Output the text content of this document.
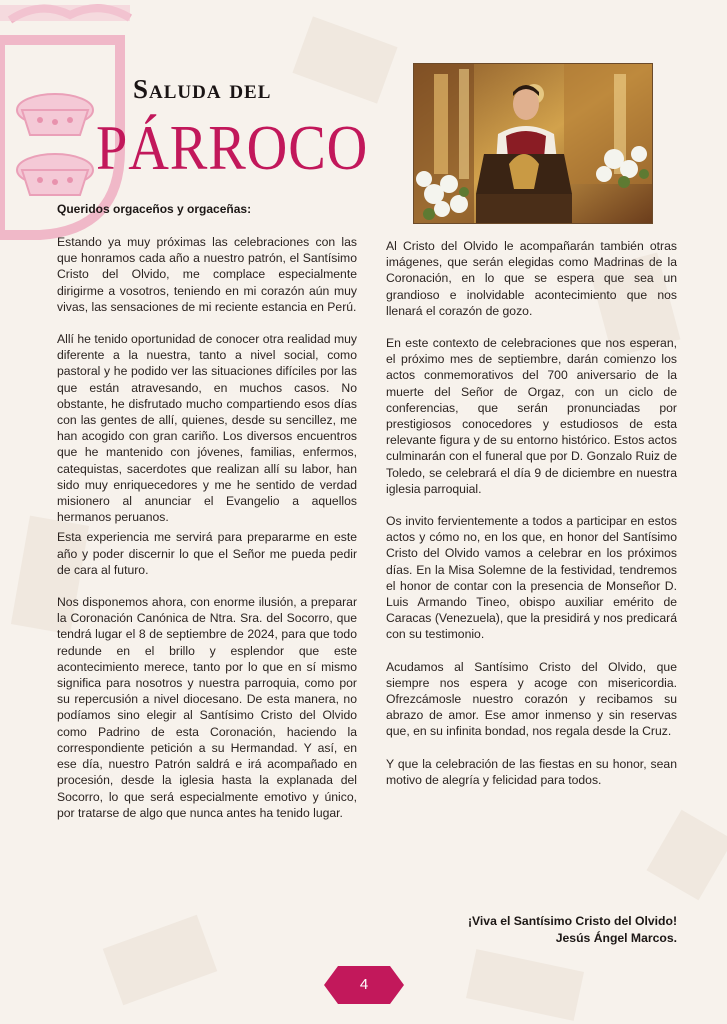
Saluda del
PÁRROCO
Queridos orgaceños y orgaceñas:

Estando ya muy próximas las celebraciones con las que honramos cada año a nuestro patrón, el Santísimo Cristo del Olvido, me complace especialmente dirigirme a vosotros, teniendo en mi corazón aún muy vivas, las sensaciones de mi reciente estancia en Perú.

Allí he tenido oportunidad de conocer otra realidad muy diferente a la nuestra, tanto a nivel social, como pastoral y he podido ver las situaciones difíciles por las que están atravesando, en muchos casos. No obstante, he disfrutado mucho compartiendo esos días con las gentes de allí, quienes, desde su sencillez, me han acogido con gran cariño. Los diversos encuentros que he mantenido con jóvenes, familias, enfermos, catequistas, sacerdotes que realizan allí su labor, han sido muy enriquecedores y me he sentido de verdad misionero al anunciar el Evangelio a aquellos hermanos peruanos.

Esta experiencia me servirá para prepararme en este año y poder discernir lo que el Señor me pueda pedir de cara al futuro.

Nos disponemos ahora, con enorme ilusión, a preparar la Coronación Canónica de Ntra. Sra. del Socorro, que tendrá lugar el 8 de septiembre de 2024, para que todo redunde en el brillo y esplendor que este acontecimiento merece, tanto por lo que en sí mismo significa para nosotros y nuestra parroquia, como por su repercusión a nivel diocesano. De esta manera, no podíamos sino elegir al Santísimo Cristo del Olvido como Padrino de esta Coronación, haciendo la correspondiente petición a su Hermandad. Y así, en ese día, nuestro Patrón saldrá e irá acompañado en procesión, desde la iglesia hasta la explanada del Socorro, lo que será especialmente emotivo y único, por tratarse de algo que nunca antes ha tenido lugar.

Al Cristo del Olvido le acompañarán también otras imágenes, que serán elegidas como Madrinas de la Coronación, en lo que se espera que sea un grandioso e inolvidable acontecimiento que nos llenará el corazón de gozo.

En este contexto de celebraciones que nos esperan, el próximo mes de septiembre, darán comienzo los actos conmemorativos del 700 aniversario de la muerte del Señor de Orgaz, con un ciclo de conferencias, que serán pronunciadas por prestigiosos conocedores y estudiosos de esta relevante figura y de su entorno histórico. Estos actos culminarán con el funeral que por D. Gonzalo Ruiz de Toledo, se celebrará el día 9 de diciembre en nuestra iglesia parroquial.

Os invito fervientemente a todos a participar en estos actos y cómo no, en los que, en honor del Santísimo Cristo del Olvido vamos a celebrar en los próximos días. En la Misa Solemne de la festividad, tendremos el honor de contar con la presencia de Monseñor D. Luis Armando Tineo, obispo auxiliar emérito de Caracas (Venezuela), que la presidirá y nos predicará con su testimonio.

Acudamos al Santísimo Cristo del Olvido, que siempre nos espera y acoge con misericordia. Ofrezcámosle nuestro corazón y recibamos su abrazo de amor. Ese amor inmenso y sin reservas que, en su infinita bondad, nos regala desde la Cruz.

Y que la celebración de las fiestas en su honor, sean motivo de alegría y felicidad para todos.

¡Viva el Santísimo Cristo del Olvido!
Jesús Ángel Marcos.
4
